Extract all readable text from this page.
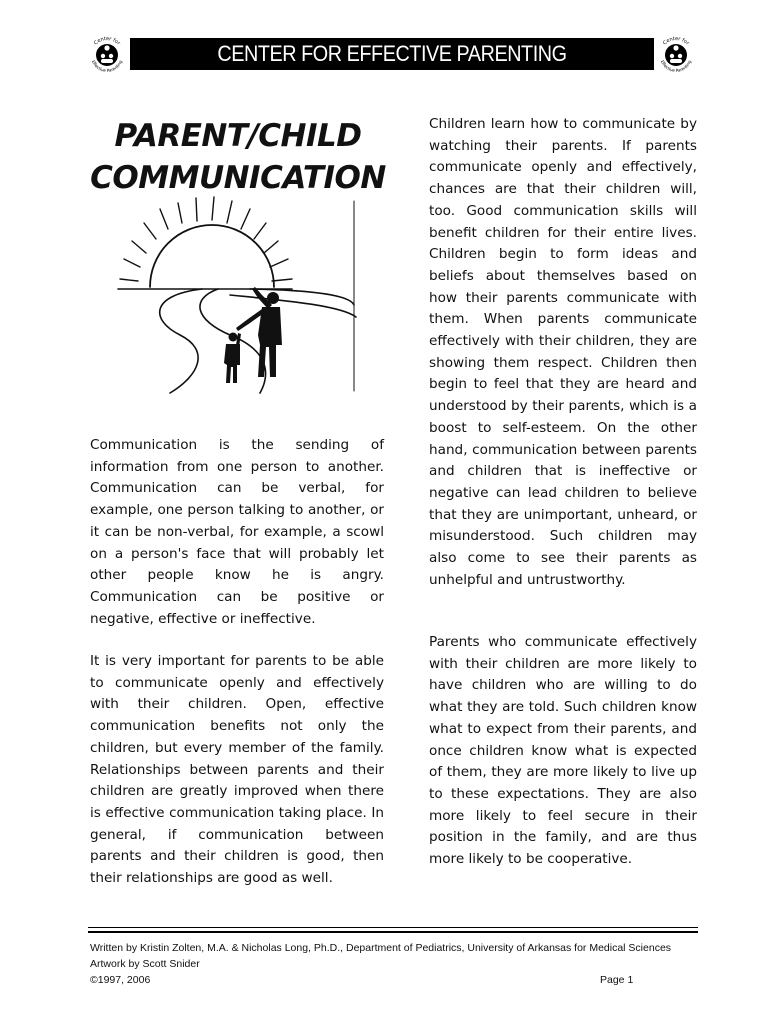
Center for
Effective Parenting	CENTER FOR EFFECTIVE PARENTING	Center for
Effective Parenting
PARENT/CHILD
COMMUNICATION

Communication is the sending of information from one person to another. Communication can be verbal, for example, one person talking to another, or it can be non-verbal, for example, a scowl on a person's face that will probably let other people know he is angry. Communication can be positive or negative, effective or ineffective.

It is very important for parents to be able to communicate openly and effectively with their children. Open, effective communication benefits not only the children, but every member of the family. Relationships between parents and their children are greatly improved when there is effective communication taking place. In general, if communication between parents and their children is good, then their relationships are good as well.

Children learn how to communicate by watching their parents. If parents communicate openly and effectively, chances are that their children will, too. Good communication skills will benefit children for their entire lives. Children begin to form ideas and beliefs about themselves based on how their parents communicate with them. When parents communicate effectively with their children, they are showing them respect. Children then begin to feel that they are heard and understood by their parents, which is a boost to self-esteem. On the other hand, communication between parents and children that is ineffective or negative can lead children to believe that they are unimportant, unheard, or misunderstood. Such children may also come to see their parents as unhelpful and untrustworthy.

Parents who communicate effectively with their children are more likely to have children who are willing to do what they are told. Such children know what to expect from their parents, and once children know what is expected of them, they are more likely to live up to these expectations. They are also more likely to feel secure in their position in the family, and are thus more likely to be cooperative.

Written by Kristin Zolten, M.A. & Nicholas Long, Ph.D., Department of Pediatrics, University of Arkansas for Medical Sciences
Artwork by Scott Snider
©1997, 2006	Page 1
